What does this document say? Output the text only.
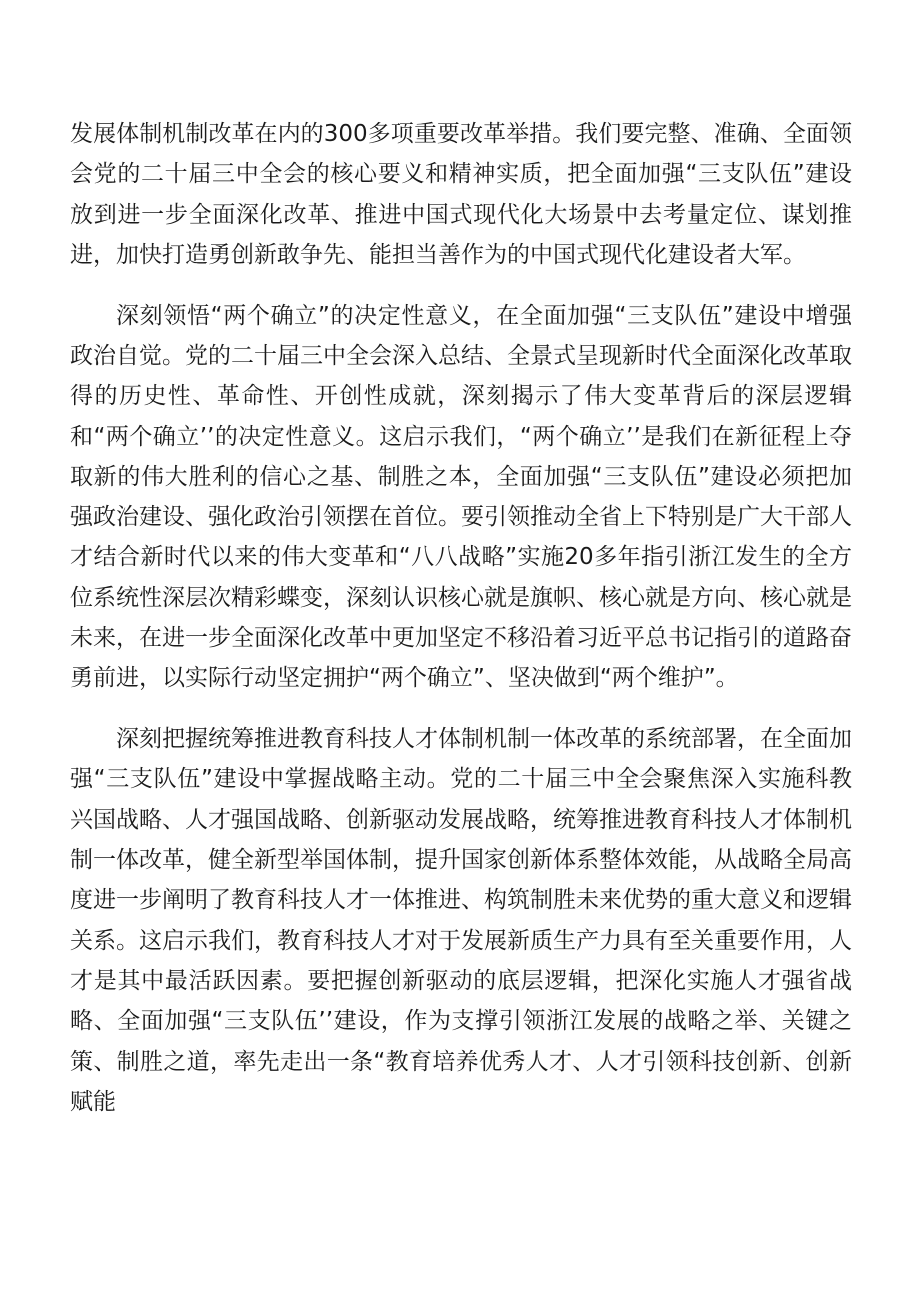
发展体制机制改革在内的300多项重要改革举措。我们要完整、准确、全面领会党的二十届三中全会的核心要义和精神实质，把全面加强“三支队伍”建设放到进一步全面深化改革、推进中国式现代化大场景中去考量定位、谋划推进，加快打造勇创新敢争先、能担当善作为的中国式现代化建设者大军。

深刻领悟“两个确立”的决定性意义，在全面加强“三支队伍”建设中增强政治自觉。党的二十届三中全会深入总结、全景式呈现新时代全面深化改革取得的历史性、革命性、开创性成就，深刻揭示了伟大变革背后的深层逻辑和“两个确立’’的决定性意义。这启示我们，“两个确立’’是我们在新征程上夺取新的伟大胜利的信心之基、制胜之本，全面加强“三支队伍”建设必须把加强政治建设、强化政治引领摆在首位。要引领推动全省上下特别是广大干部人才结合新时代以来的伟大变革和“八八战略”实施20多年指引浙江发生的全方位系统性深层次精彩蝶变，深刻认识核心就是旗帜、核心就是方向、核心就是未来，在进一步全面深化改革中更加坚定不移沿着习近平总书记指引的道路奋勇前进，以实际行动坚定拥护“两个确立”、坚决做到“两个维护”。

深刻把握统筹推进教育科技人才体制机制一体改革的系统部署，在全面加强“三支队伍”建设中掌握战略主动。党的二十届三中全会聚焦深入实施科教兴国战略、人才强国战略、创新驱动发展战略，统筹推进教育科技人才体制机制一体改革，健全新型举国体制，提升国家创新体系整体效能，从战略全局高度进一步阐明了教育科技人才一体推进、构筑制胜未来优势的重大意义和逻辑关系。这启示我们，教育科技人才对于发展新质生产力具有至关重要作用，人才是其中最活跃因素。要把握创新驱动的底层逻辑，把深化实施人才强省战略、全面加强“三支队伍’’建设，作为支撑引领浙江发展的战略之举、关键之策、制胜之道，率先走出一条“教育培养优秀人才、人才引领科技创新、创新赋能
